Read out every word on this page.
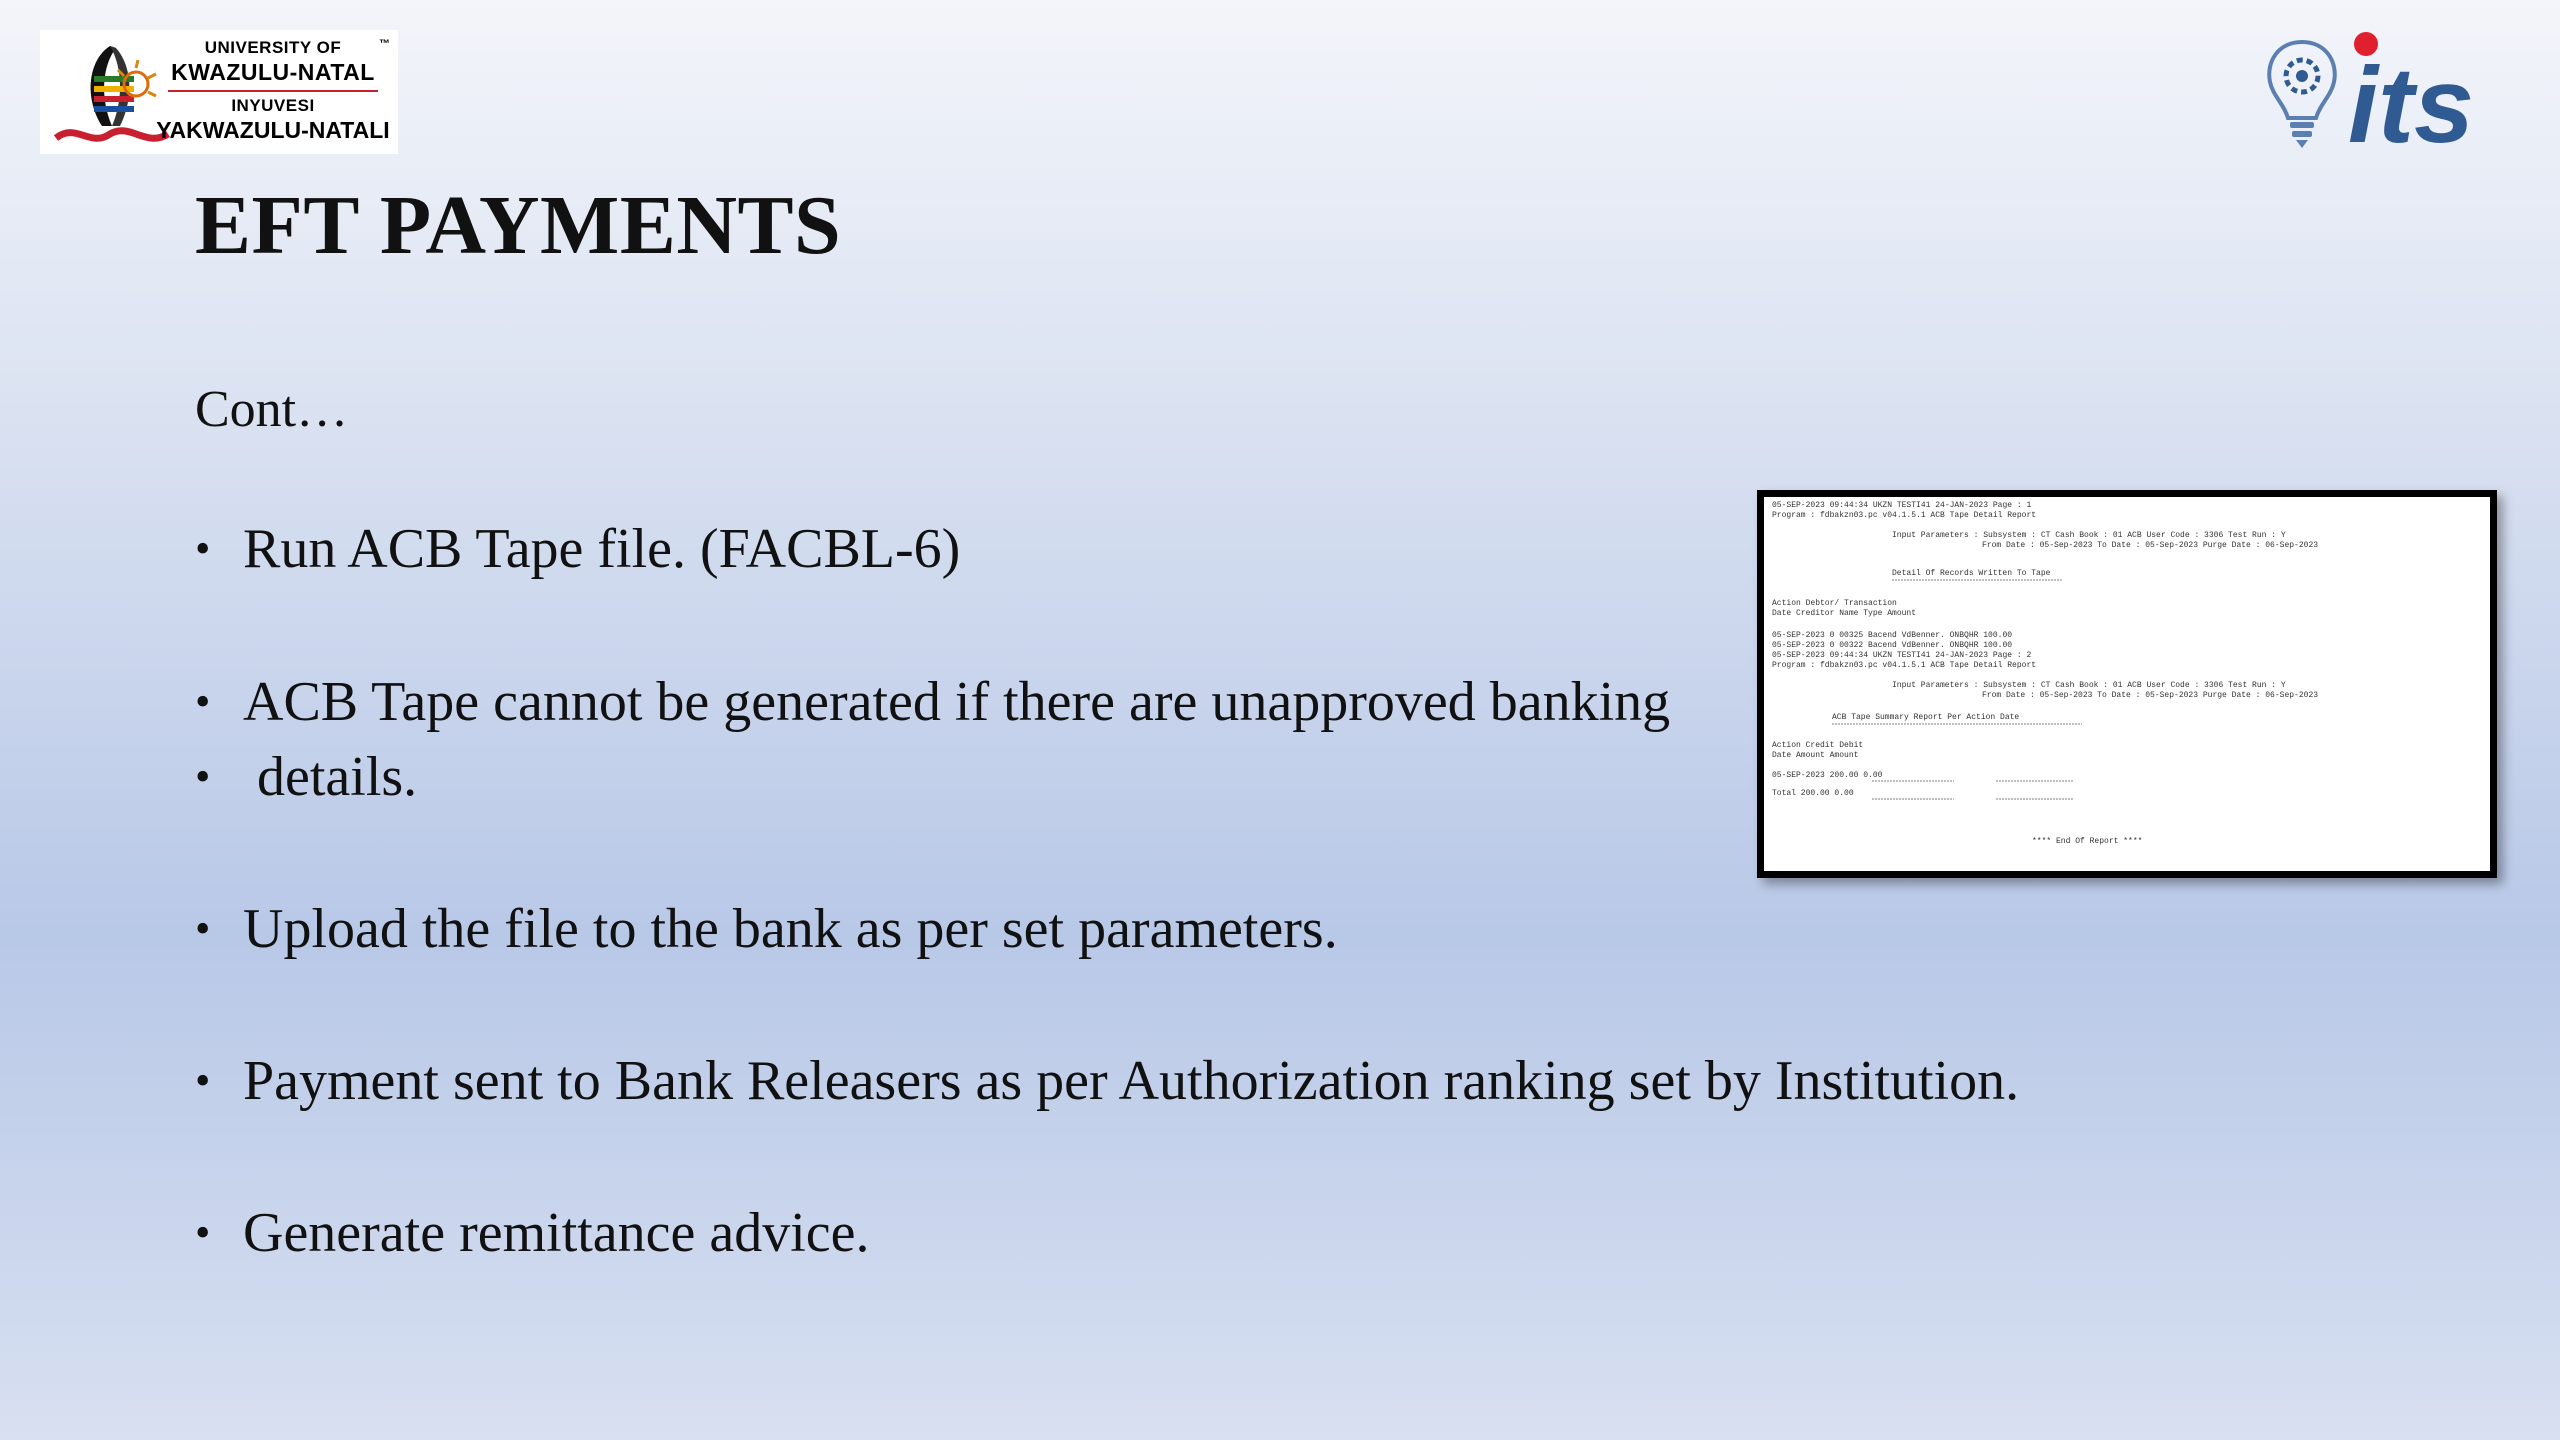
UNIVERSITY OF
KWAZULU-NATAL
INYUVESI
YAKWAZULU-NATALI
™	its
EFT PAYMENTS
Cont…
• Run ACB Tape file. (FACBL-6)
• ACB Tape cannot be generated if there are unapproved banking
• details.
• Upload the file to the bank as per set parameters.
• Payment sent to Bank Releasers as per Authorization ranking set by Institution.
• Generate remittance advice.
05-SEP-2023 09:44:34 UKZN TESTI41 24-JAN-2023 Page : 1
Program : fdbakzn03.pc v04.1.5.1 ACB Tape Detail Report
Input Parameters : Subsystem : CT Cash Book : 01 ACB User Code : 3306 Test Run : Y
From Date : 05-Sep-2023 To Date : 05-Sep-2023 Purge Date : 06-Sep-2023
Detail Of Records Written To Tape
Action Debtor/ Transaction
Date Creditor Name Type Amount
05-SEP-2023 0 00325 Bacend VdBenner. ONBQHR 100.00
05-SEP-2023 0 00322 Bacend VdBenner. ONBQHR 100.00
05-SEP-2023 09:44:34 UKZN TESTI41 24-JAN-2023 Page : 2
Program : fdbakzn03.pc v04.1.5.1 ACB Tape Detail Report
Input Parameters : Subsystem : CT Cash Book : 01 ACB User Code : 3306 Test Run : Y
From Date : 05-Sep-2023 To Date : 05-Sep-2023 Purge Date : 06-Sep-2023
ACB Tape Summary Report Per Action Date
Action Credit Debit
Date Amount Amount
05-SEP-2023 200.00 0.00
Total 200.00 0.00
**** End Of Report ****
